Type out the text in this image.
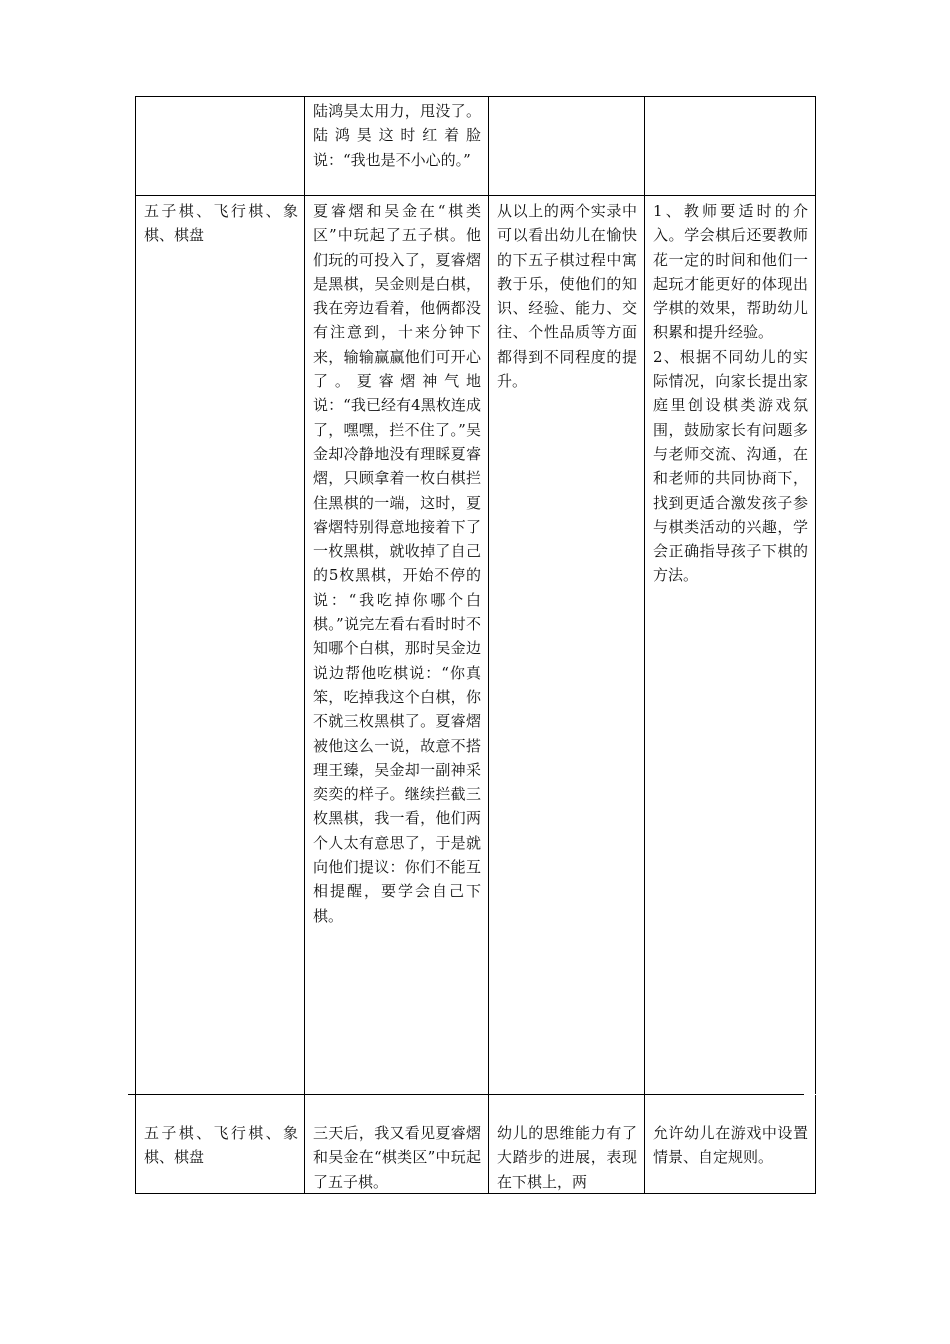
陆鸿昊太用力，甩没了。陆鸿昊这时红着脸说：“我也是不小心的。”
五子棋、飞行棋、象棋、棋盘
夏睿熠和吴金在“棋类区”中玩起了五子棋。他们玩的可投入了，夏睿熠是黑棋，吴金则是白棋，我在旁边看着，他俩都没有注意到，十来分钟下来，输输赢赢他们可开心了。夏睿熠神气地说：“我已经有4黑枚连成了，嘿嘿，拦不住了。”吴金却冷静地没有理睬夏睿熠，只顾拿着一枚白棋拦住黑棋的一端，这时，夏睿熠特别得意地接着下了一枚黑棋，就收掉了自己的5枚黑棋，开始不停的说：“我吃掉你哪个白棋。”说完左看右看时时不知哪个白棋，那时吴金边说边帮他吃棋说：“你真笨，吃掉我这个白棋，你不就三枚黑棋了。夏睿熠被他这么一说，故意不搭理王臻，吴金却一副神采奕奕的样子。继续拦截三枚黑棋，我一看，他们两个人太有意思了，于是就向他们提议：你们不能互相提醒，要学会自己下棋。
从以上的两个实录中可以看出幼儿在愉快的下五子棋过程中寓教于乐，使他们的知识、经验、能力、交往、个性品质等方面都得到不同程度的提升。
1、教师要适时的介入。学会棋后还要教师花一定的时间和他们一起玩才能更好的体现出学棋的效果，帮助幼儿积累和提升经验。
2、根据不同幼儿的实际情况，向家长提出家庭里创设棋类游戏氛围，鼓励家长有问题多与老师交流、沟通，在和老师的共同协商下，找到更适合激发孩子参与棋类活动的兴趣，学会正确指导孩子下棋的方法。
五子棋、飞行棋、象棋、棋盘
三天后，我又看见夏睿熠和吴金在“棋类区”中玩起了五子棋。
幼儿的思维能力有了大踏步的进展，表现在下棋上，两
允许幼儿在游戏中设置情景、自定规则。
